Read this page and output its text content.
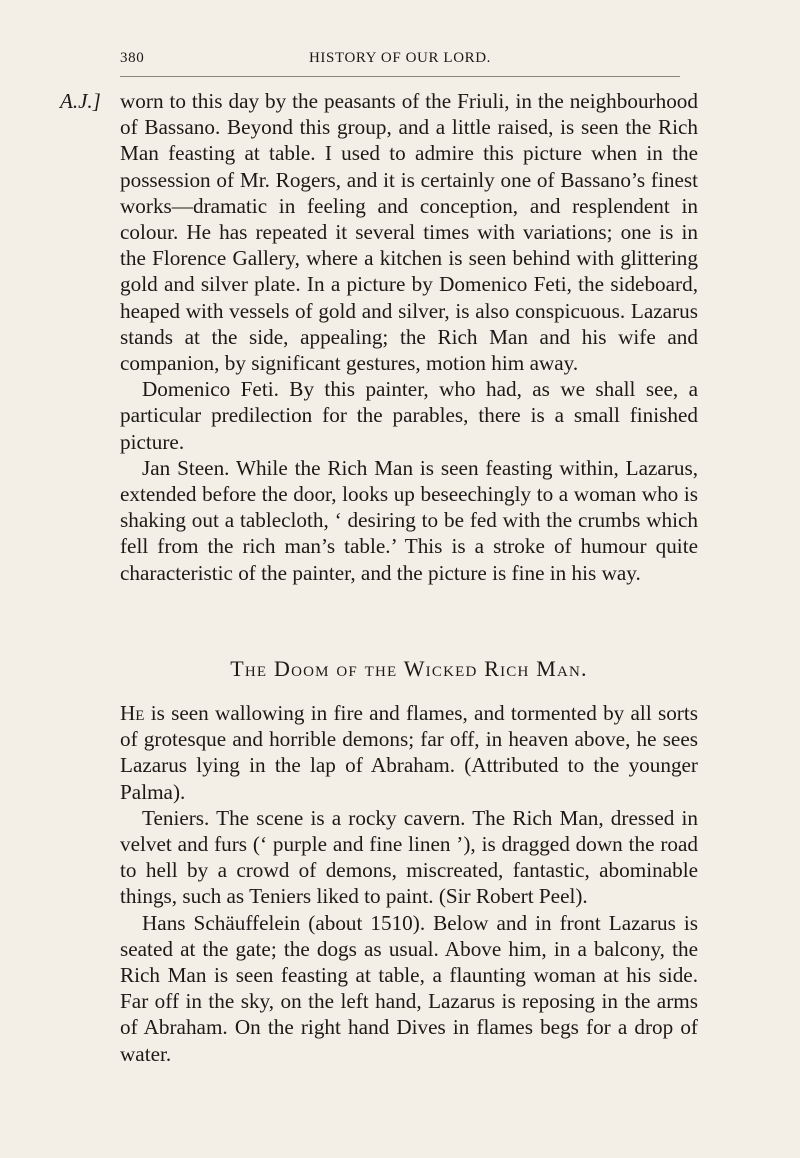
380	HISTORY OF OUR LORD.
A.J.] worn to this day by the peasants of the Friuli, in the neighbourhood of Bassano. Beyond this group, and a little raised, is seen the Rich Man feasting at table. I used to admire this picture when in the possession of Mr. Rogers, and it is certainly one of Bassano’s finest works—dramatic in feeling and conception, and resplendent in colour. He has repeated it several times with variations; one is in the Florence Gallery, where a kitchen is seen behind with glittering gold and silver plate. In a picture by Domenico Feti, the sideboard, heaped with vessels of gold and silver, is also conspicuous. Lazarus stands at the side, appealing; the Rich Man and his wife and companion, by significant gestures, motion him away.

Domenico Feti. By this painter, who had, as we shall see, a particular predilection for the parables, there is a small finished picture.

Jan Steen. While the Rich Man is seen feasting within, Lazarus, extended before the door, looks up beseechingly to a woman who is shaking out a tablecloth, ‘ desiring to be fed with the crumbs which fell from the rich man’s table.’ This is a stroke of humour quite characteristic of the painter, and the picture is fine in his way.

The Doom of the Wicked Rich Man.

He is seen wallowing in fire and flames, and tormented by all sorts of grotesque and horrible demons; far off, in heaven above, he sees Lazarus lying in the lap of Abraham. (Attributed to the younger Palma).

Teniers. The scene is a rocky cavern. The Rich Man, dressed in velvet and furs (‘ purple and fine linen ’), is dragged down the road to hell by a crowd of demons, miscreated, fantastic, abominable things, such as Teniers liked to paint. (Sir Robert Peel).

Hans Schäuffelein (about 1510). Below and in front Lazarus is seated at the gate; the dogs as usual. Above him, in a balcony, the Rich Man is seen feasting at table, a flaunting woman at his side. Far off in the sky, on the left hand, Lazarus is reposing in the arms of Abraham. On the right hand Dives in flames begs for a drop of water.
